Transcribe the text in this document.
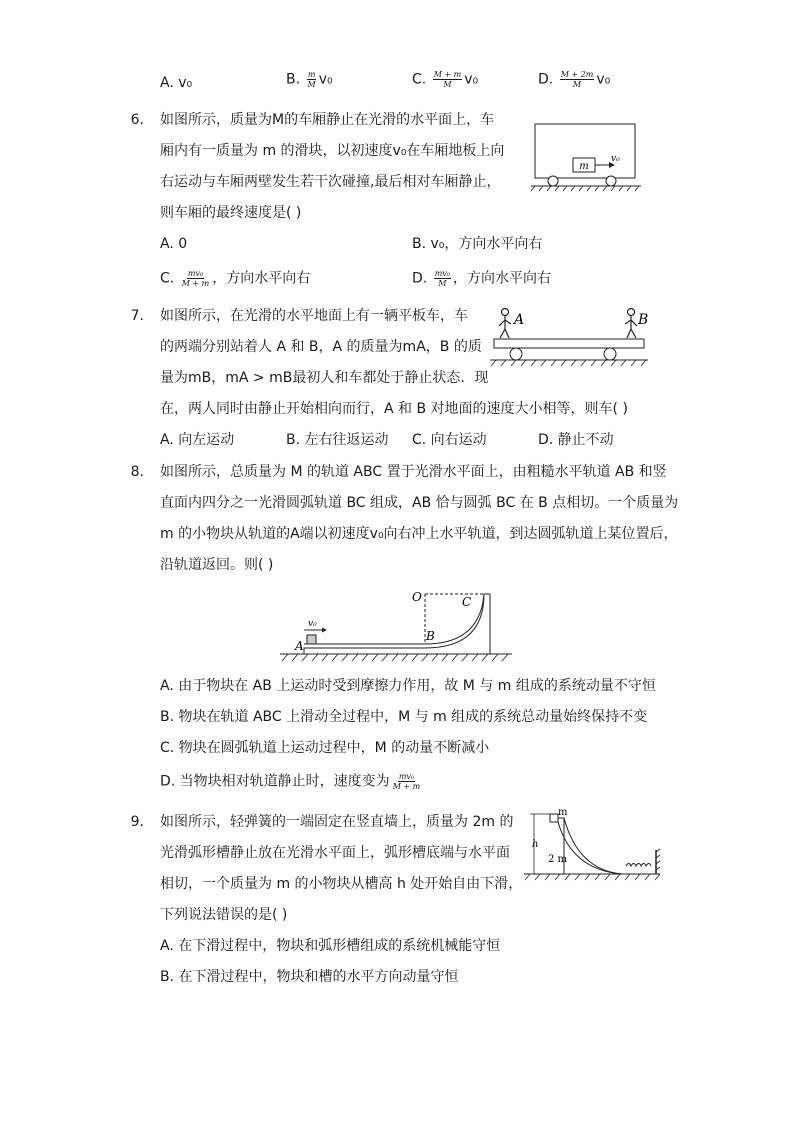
A. v₀	B. $\frac{m}{M} v_0$	C. $\frac{M + m}{M} v_0$	D. $\frac{M + 2m}{M} v_0$
6. 如图所示，质量为M的车厢静止在光滑的水平面上，车
厢内有一质量为 m 的滑块，以初速度v₀在车厢地板上向
右运动与车厢两壁发生若干次碰撞,最后相对车厢静止，
则车厢的最终速度是( )
m
v₀
A. 0	B. v₀，方向水平向右
C. $\frac{\text{mv₀}}{M + m}$ ，方向水平向右	D. $\frac{\text{mv₀}}{M}$ ，方向水平向右
7. 如图所示，在光滑的水平地面上有一辆平板车，车
的两端分别站着人 A 和 B，A 的质量为mA，B 的质
量为mB，mA > mB最初人和车都处于静止状态．现
在，两人同时由静止开始相向而行，A 和 B 对地面的速度大小相等，则车( )
A	B
A. 向左运动	B. 左右往返运动 C. 向右运动	D. 静止不动
8. 如图所示，总质量为 M 的轨道 ABC 置于光滑水平面上，由粗糙水平轨道 AB 和竖
直面内四分之一光滑圆弧轨道 BC 组成，AB 恰与圆弧 BC 在 B 点相切。一个质量为
m 的小物块从轨道的A端以初速度v₀向右冲上水平轨道，到达圆弧轨道上某位置后，
沿轨道返回。则( )
O	C
B
A
v₀
A. 由于物块在 AB 上运动时受到摩擦力作用，故 M 与 m 组成的系统动量不守恒
B. 物块在轨道 ABC 上滑动全过程中，M 与 m 组成的系统总动量始终保持不变
C. 物块在圆弧轨道上运动过程中，M 的动量不断减小
D. 当物块相对轨道静止时，速度变为 $\frac{\text{mv₀}}{M + m}$
9. 如图所示，轻弹簧的一端固定在竖直墙上，质量为 2m 的
光滑弧形槽静止放在光滑水平面上，弧形槽底端与水平面
相切，一个质量为 m 的小物块从槽高 h 处开始自由下滑，
下列说法错误的是( )
m
h
2 m
A. 在下滑过程中，物块和弧形槽组成的系统机械能守恒
B. 在下滑过程中，物块和槽的水平方向动量守恒
